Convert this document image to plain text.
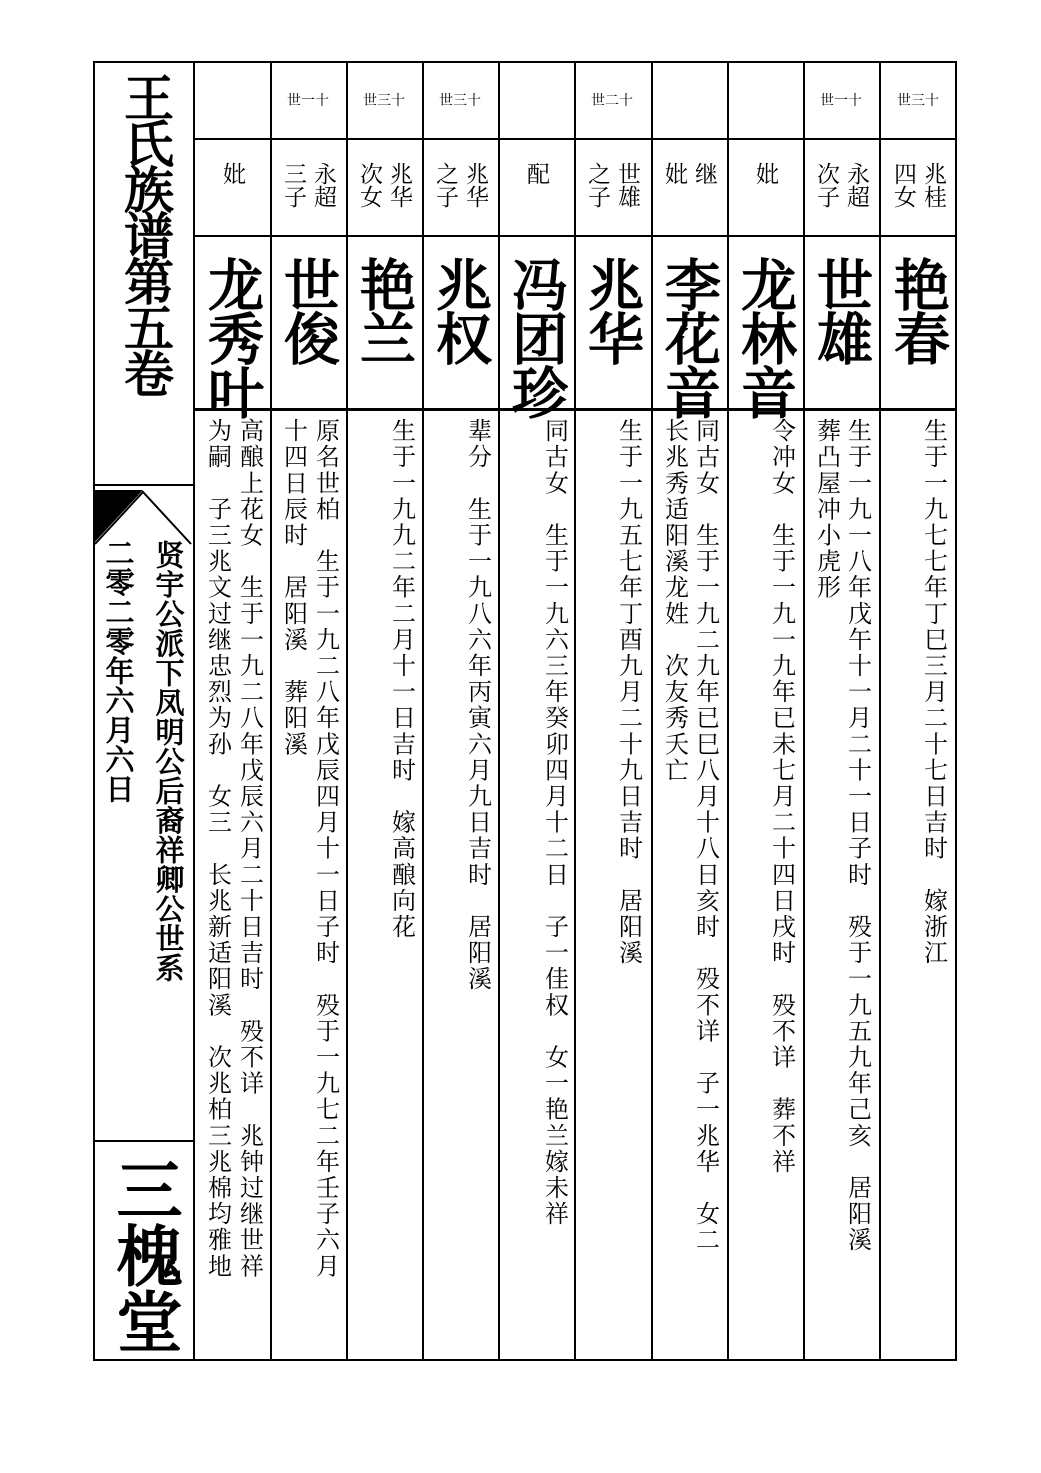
王氏族谱第五卷
贤宇公派下凤明公后裔祥卿公世系
二零二零年六月六日
三槐堂
世三十
兆桂
四女
艳春
生于一九七七年丁巳三月二十七日吉时　嫁浙江
世一十
永超
次子
世雄
生于一九一八年戊午十一月二十一日子时　殁于一九五九年己亥　居阳溪
葬凸屋冲小虎形
妣
龙林音
令冲女　生于一九一九年已未七月二十四日戌时　殁不详　葬不祥
继
妣
李花音
同古女　生于一九二九年已巳八月十八日亥时　殁不详　子一兆华　女二
长兆秀适阳溪龙姓　次友秀夭亡
世二十
世雄
之子
兆华
生于一九五七年丁酉九月二十九日吉时　居阳溪
配
冯团珍
同古女　生于一九六三年癸卯四月十二日　子一佳权　女一艳兰嫁未祥
世三十
兆华
之子
兆权
辈分　生于一九八六年丙寅六月九日吉时　居阳溪
世三十
兆华
次女
艳兰
生于一九九二年二月十一日吉时　嫁高酿向花
世一十
永超
三子
世俊
原名世柏　生于一九二八年戊辰四月十一日子时　殁于一九七二年壬子六月
十四日辰时　居阳溪　葬阳溪
妣
龙秀叶
高酿上花女　生于一九二八年戊辰六月二十日吉时　殁不详　兆钟过继世祥
为嗣　子三兆文过继忠烈为孙　女三　长兆新适阳溪　次兆柏三兆棉均雅地
